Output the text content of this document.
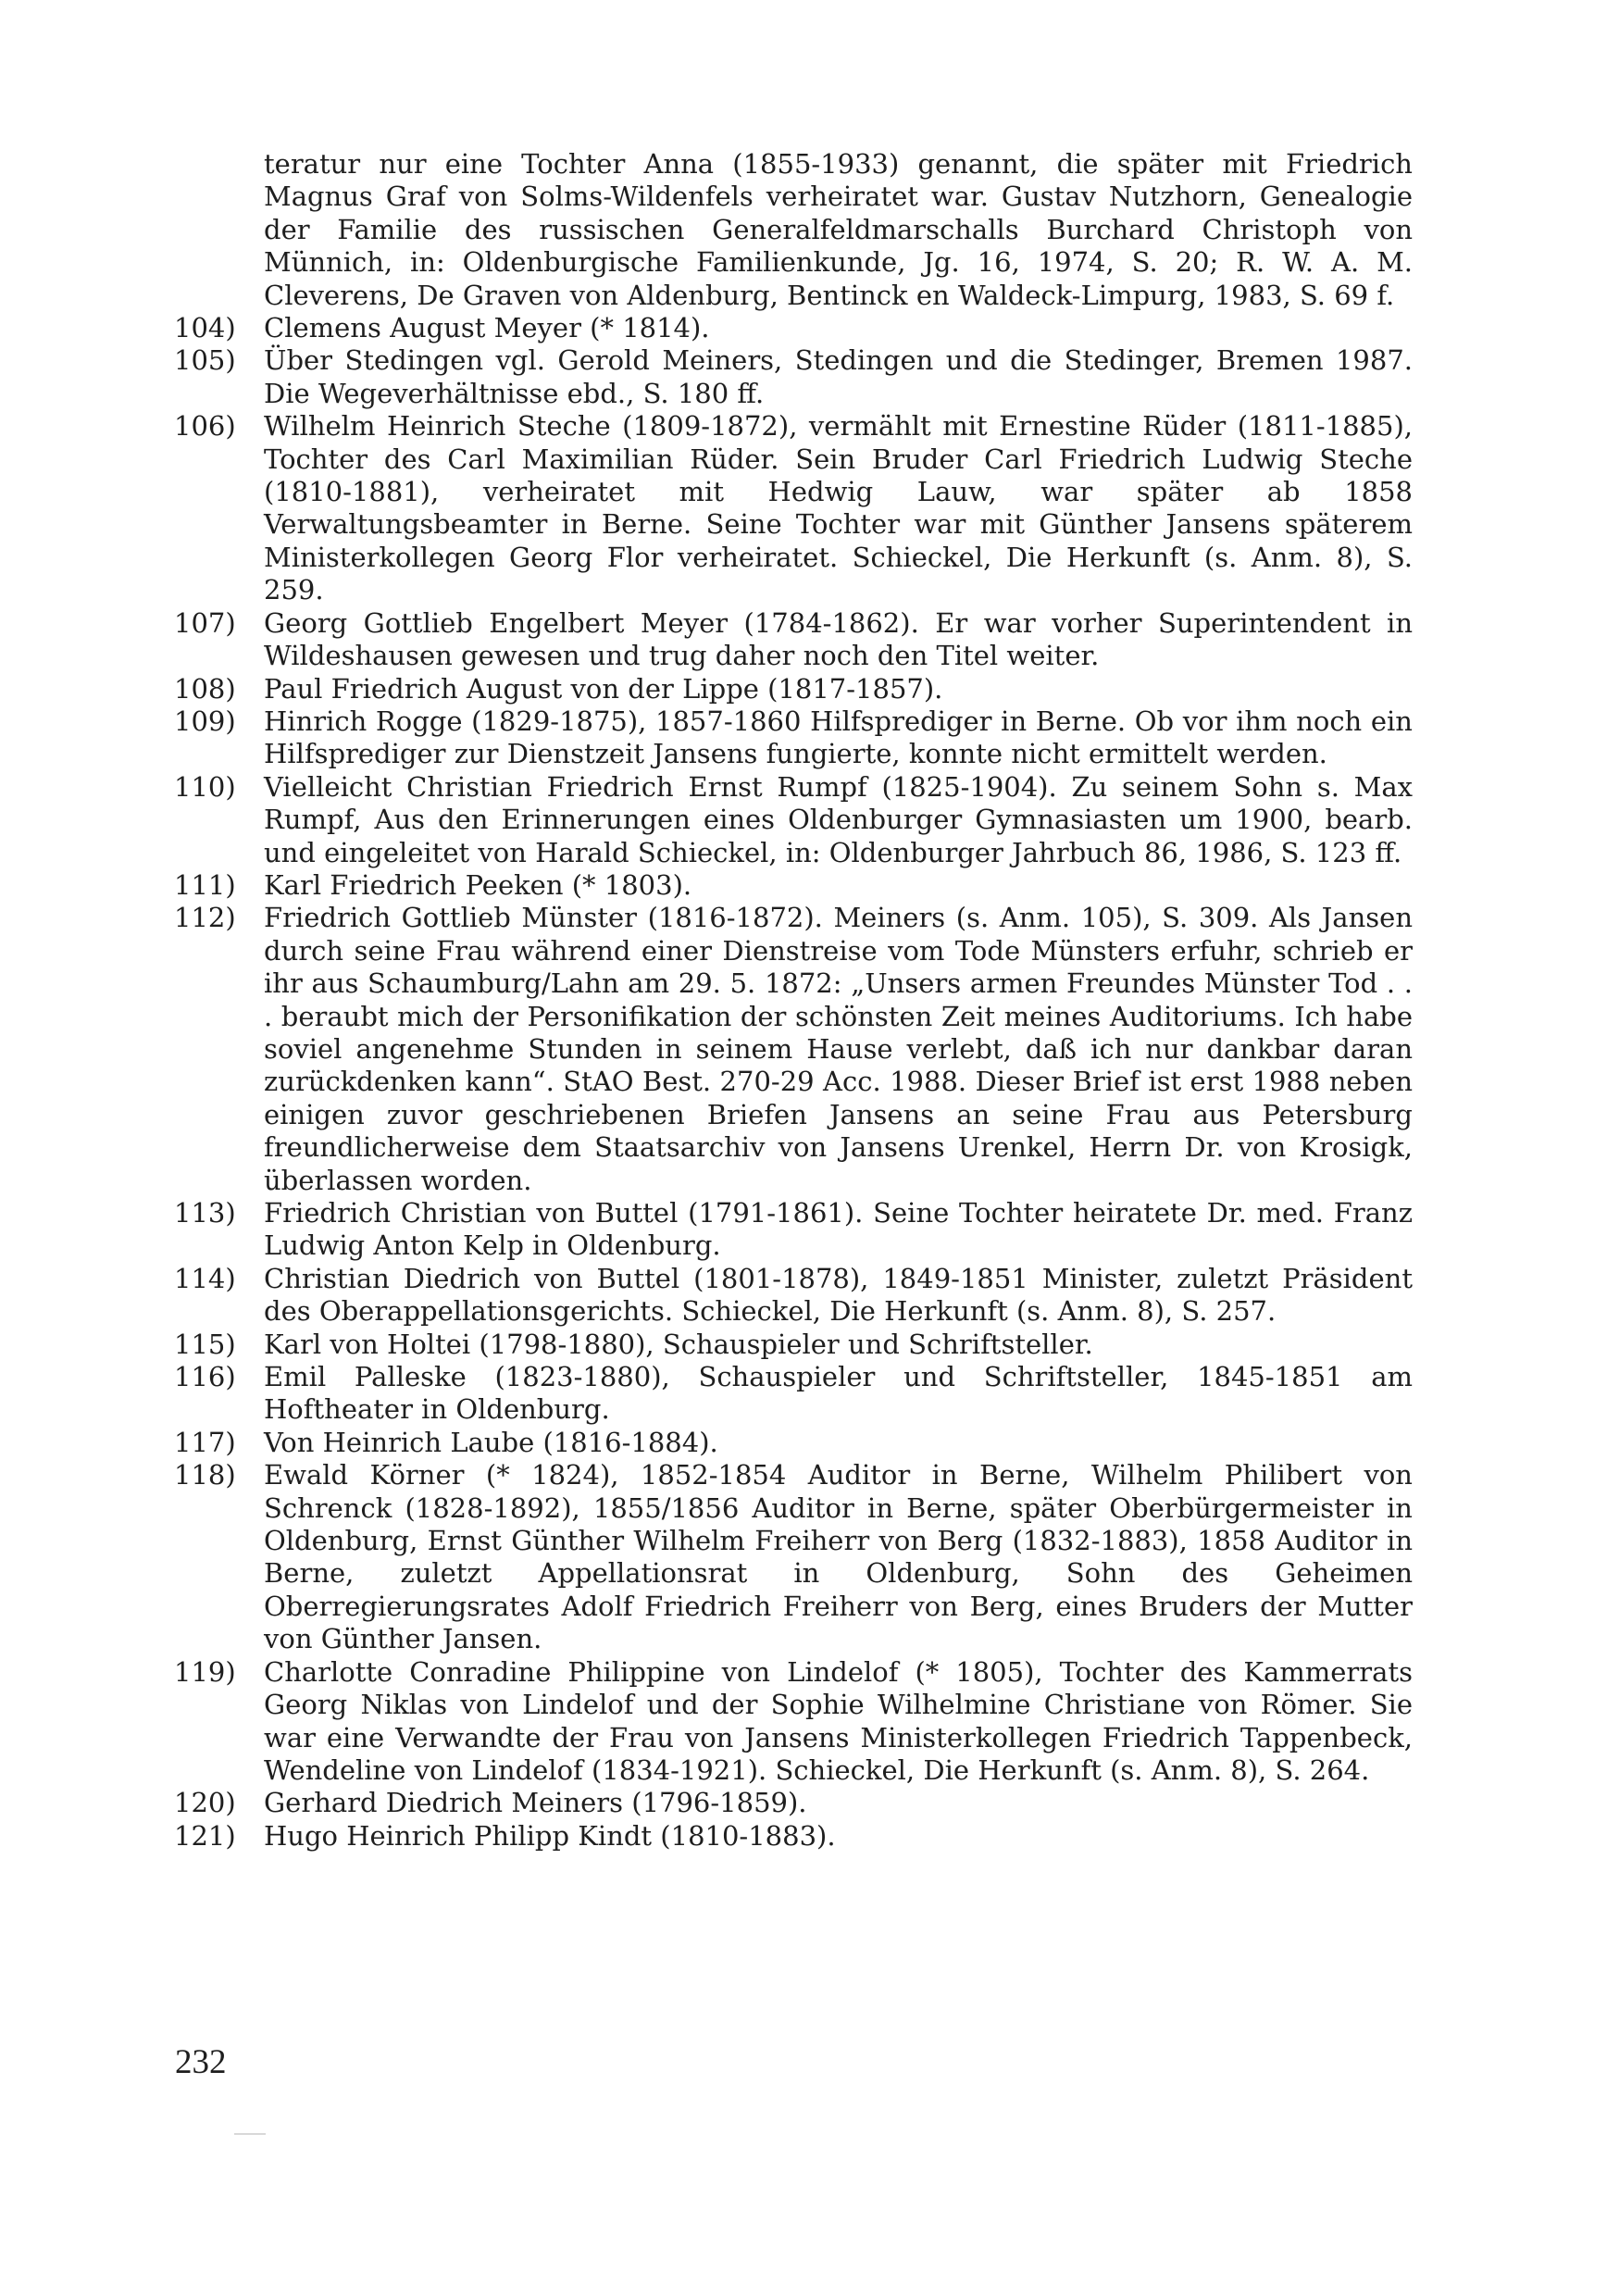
teratur nur eine Tochter Anna (1855-1933) genannt, die später mit Friedrich Magnus Graf von Solms-Wildenfels verheiratet war. Gustav Nutzhorn, Genealogie der Familie des russischen Generalfeldmarschalls Burchard Christoph von Münnich, in: Oldenburgische Familienkunde, Jg. 16, 1974, S. 20; R. W. A. M. Cleverens, De Graven von Aldenburg, Bentinck en Waldeck-Limpurg, 1983, S. 69 f.
104)	Clemens August Meyer (* 1814).
105)	Über Stedingen vgl. Gerold Meiners, Stedingen und die Stedinger, Bremen 1987. Die Wegeverhältnisse ebd., S. 180 ff.
106)	Wilhelm Heinrich Steche (1809-1872), vermählt mit Ernestine Rüder (1811-1885), Tochter des Carl Maximilian Rüder. Sein Bruder Carl Friedrich Ludwig Steche (1810-1881), verheiratet mit Hedwig Lauw, war später ab 1858 Verwaltungsbeamter in Berne. Seine Tochter war mit Günther Jansens späterem Ministerkollegen Georg Flor verheiratet. Schieckel, Die Herkunft (s. Anm. 8), S. 259.
107)	Georg Gottlieb Engelbert Meyer (1784-1862). Er war vorher Superintendent in Wildeshausen gewesen und trug daher noch den Titel weiter.
108)	Paul Friedrich August von der Lippe (1817-1857).
109)	Hinrich Rogge (1829-1875), 1857-1860 Hilfsprediger in Berne. Ob vor ihm noch ein Hilfsprediger zur Dienstzeit Jansens fungierte, konnte nicht ermittelt werden.
110)	Vielleicht Christian Friedrich Ernst Rumpf (1825-1904). Zu seinem Sohn s. Max Rumpf, Aus den Erinnerungen eines Oldenburger Gymnasiasten um 1900, bearb. und eingeleitet von Harald Schieckel, in: Oldenburger Jahrbuch 86, 1986, S. 123 ff.
111)	Karl Friedrich Peeken (* 1803).
112)	Friedrich Gottlieb Münster (1816-1872). Meiners (s. Anm. 105), S. 309. Als Jansen durch seine Frau während einer Dienstreise vom Tode Münsters erfuhr, schrieb er ihr aus Schaumburg/Lahn am 29. 5. 1872: „Unsers armen Freundes Münster Tod . . . beraubt mich der Personifikation der schönsten Zeit meines Auditoriums. Ich habe soviel angenehme Stunden in seinem Hause verlebt, daß ich nur dankbar daran zurückdenken kann“. StAO Best. 270-29 Acc. 1988. Dieser Brief ist erst 1988 neben einigen zuvor geschriebenen Briefen Jansens an seine Frau aus Petersburg freundlicherweise dem Staatsarchiv von Jansens Urenkel, Herrn Dr. von Krosigk, überlassen worden.
113)	Friedrich Christian von Buttel (1791-1861). Seine Tochter heiratete Dr. med. Franz Ludwig Anton Kelp in Oldenburg.
114)	Christian Diedrich von Buttel (1801-1878), 1849-1851 Minister, zuletzt Präsident des Oberappellationsgerichts. Schieckel, Die Herkunft (s. Anm. 8), S. 257.
115)	Karl von Holtei (1798-1880), Schauspieler und Schriftsteller.
116)	Emil Palleske (1823-1880), Schauspieler und Schriftsteller, 1845-1851 am Hoftheater in Oldenburg.
117)	Von Heinrich Laube (1816-1884).
118)	Ewald Körner (* 1824), 1852-1854 Auditor in Berne, Wilhelm Philibert von Schrenck (1828-1892), 1855/1856 Auditor in Berne, später Oberbürgermeister in Oldenburg, Ernst Günther Wilhelm Freiherr von Berg (1832-1883), 1858 Auditor in Berne, zuletzt Appellationsrat in Oldenburg, Sohn des Geheimen Oberregierungsrates Adolf Friedrich Freiherr von Berg, eines Bruders der Mutter von Günther Jansen.
119)	Charlotte Conradine Philippine von Lindelof (* 1805), Tochter des Kammerrats Georg Niklas von Lindelof und der Sophie Wilhelmine Christiane von Römer. Sie war eine Verwandte der Frau von Jansens Ministerkollegen Friedrich Tappenbeck, Wendeline von Lindelof (1834-1921). Schieckel, Die Herkunft (s. Anm. 8), S. 264.
120)	Gerhard Diedrich Meiners (1796-1859).
121)	Hugo Heinrich Philipp Kindt (1810-1883).
232
